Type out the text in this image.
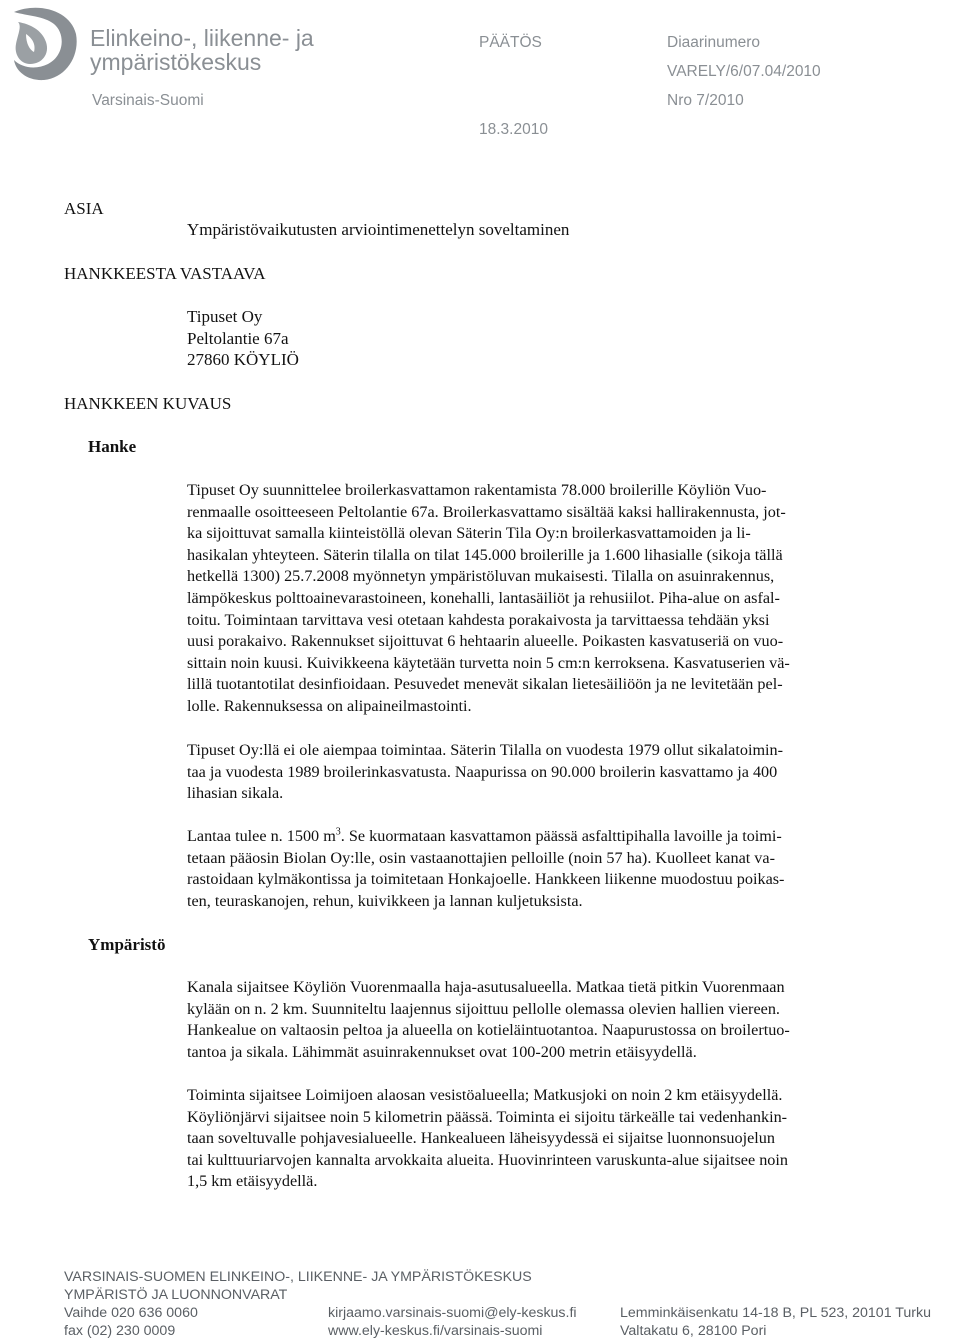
Elinkeino-, liikenne- ja
ympäristökeskus
Varsinais-Suomi
PÄÄTÖS	Diaarinumero
VARELY/6/07.04/2010
Nro 7/2010
18.3.2010
ASIA
Ympäristövaikutusten arviointimenettelyn soveltaminen
HANKKEESTA VASTAAVA
Tipuset Oy
Peltolantie 67a
27860 KÖYLIÖ
HANKKEEN KUVAUS
Hanke
Ympäristö
Tipuset Oy suunnittelee broilerkasvattamon rakentamista 78.000 broilerille Köyliön Vuo-
renmaalle osoitteeseen Peltolantie 67a. Broilerkasvattamo sisältää kaksi hallirakennusta, jot-
ka sijoittuvat samalla kiinteistöllä olevan Säterin Tila Oy:n broilerkasvattamoiden ja li-
hasikalan yhteyteen. Säterin tilalla on tilat 145.000 broilerille ja 1.600 lihasialle (sikoja tällä
hetkellä 1300) 25.7.2008 myönnetyn ympäristöluvan mukaisesti. Tilalla on asuinrakennus,
lämpökeskus polttoainevarastoineen, konehalli, lantasäiliöt ja rehusiilot. Piha-alue on asfal-
toitu. Toimintaan tarvittava vesi otetaan kahdesta porakaivosta ja tarvittaessa tehdään yksi
uusi porakaivo. Rakennukset sijoittuvat 6 hehtaarin alueelle. Poikasten kasvatuseriä on vuo-
sittain noin kuusi. Kuivikkeena käytetään turvetta noin 5 cm:n kerroksena. Kasvatuserien vä-
lillä tuotantotilat desinfioidaan. Pesuvedet menevät sikalan lietesäiliöön ja ne levitetään pel-
lolle. Rakennuksessa on alipaineilmastointi.
Tipuset Oy:llä ei ole aiempaa toimintaa. Säterin Tilalla on vuodesta 1979 ollut sikalatoimin-
taa ja vuodesta 1989 broilerinkasvatusta. Naapurissa on 90.000 broilerin kasvattamo ja 400
lihasian sikala.
Lantaa tulee n. 1500 $m^3$. Se kuormataan kasvattamon päässä asfalttipihalla lavoille ja toimi-
tetaan pääosin Biolan Oy:lle, osin vastaanottajien pelloille (noin 57 ha). Kuolleet kanat va-
rastoidaan kylmäkontissa ja toimitetaan Honkajoelle. Hankkeen liikenne muodostuu poikas-
ten, teuraskanojen, rehun, kuivikkeen ja lannan kuljetuksista.
Kanala sijaitsee Köyliön Vuorenmaalla haja-asutusalueella. Matkaa tietä pitkin Vuorenmaan
kylään on n. 2 km. Suunniteltu laajennus sijoittuu pellolle olemassa olevien hallien viereen.
Hankealue on valtaosin peltoa ja alueella on kotieläintuotantoa. Naapurustossa on broilertuo-
tantoa ja sikala. Lähimmät asuinrakennukset ovat 100-200 metrin etäisyydellä.
Toiminta sijaitsee Loimijoen alaosan vesistöalueella; Matkusjoki on noin 2 km etäisyydellä.
Köyliönjärvi sijaitsee noin 5 kilometrin päässä. Toiminta ei sijoitu tärkeälle tai vedenhankin-
taan soveltuvalle pohjavesialueelle. Hankealueen läheisyydessä ei sijaitse luonnonsuojelun
tai kulttuuriarvojen kannalta arvokkaita alueita. Huovinrinteen varuskunta-alue sijaitsee noin
1,5 km etäisyydellä.
VARSINAIS-SUOMEN ELINKEINO-, LIIKENNE- JA YMPÄRISTÖKESKUS
YMPÄRISTÖ JA LUONNONVARAT
Vaihde 020 636 0060
fax (02) 230 0009
kirjaamo.varsinais-suomi@ely-keskus.fi
www.ely-keskus.fi/varsinais-suomi
Lemminkäisenkatu 14-18 B, PL 523, 20101 Turku
Valtakatu 6, 28100 Pori
